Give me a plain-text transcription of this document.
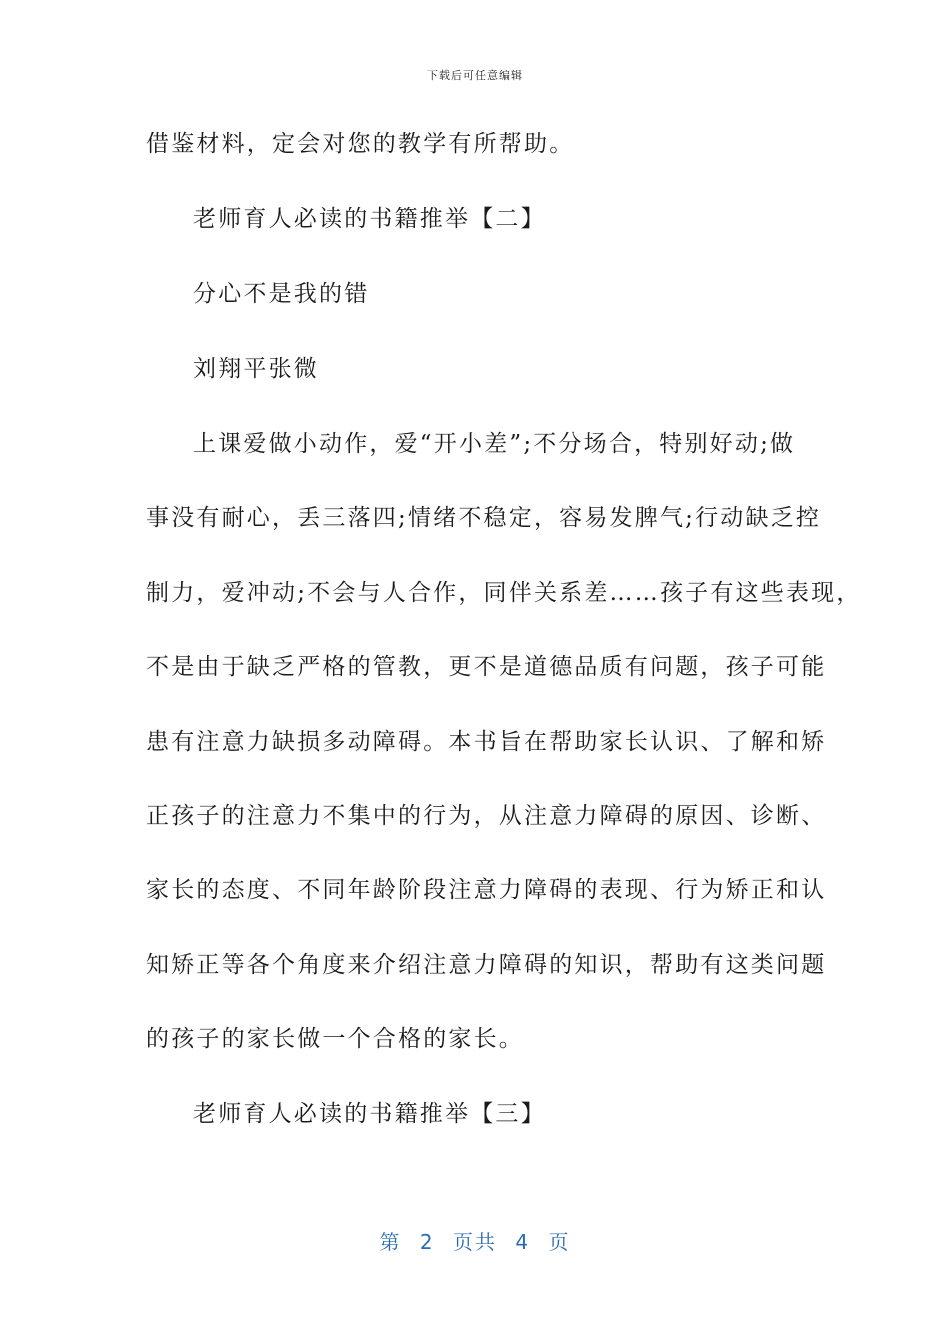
下载后可任意编辑
借鉴材料，定会对您的教学有所帮助。
老师育人必读的书籍推举【二】
分心不是我的错
刘翔平张微
上课爱做小动作，爱“开小差”;不分场合，特别好动;做
事没有耐心，丢三落四;情绪不稳定，容易发脾气;行动缺乏控
制力，爱冲动;不会与人合作，同伴关系差……孩子有这些表现，
不是由于缺乏严格的管教，更不是道德品质有问题，孩子可能
患有注意力缺损多动障碍。本书旨在帮助家长认识、了解和矫
正孩子的注意力不集中的行为，从注意力障碍的原因、诊断、
家长的态度、不同年龄阶段注意力障碍的表现、行为矫正和认
知矫正等各个角度来介绍注意力障碍的知识，帮助有这类问题
的孩子的家长做一个合格的家长。
老师育人必读的书籍推举【三】
第 2 页共 4 页
